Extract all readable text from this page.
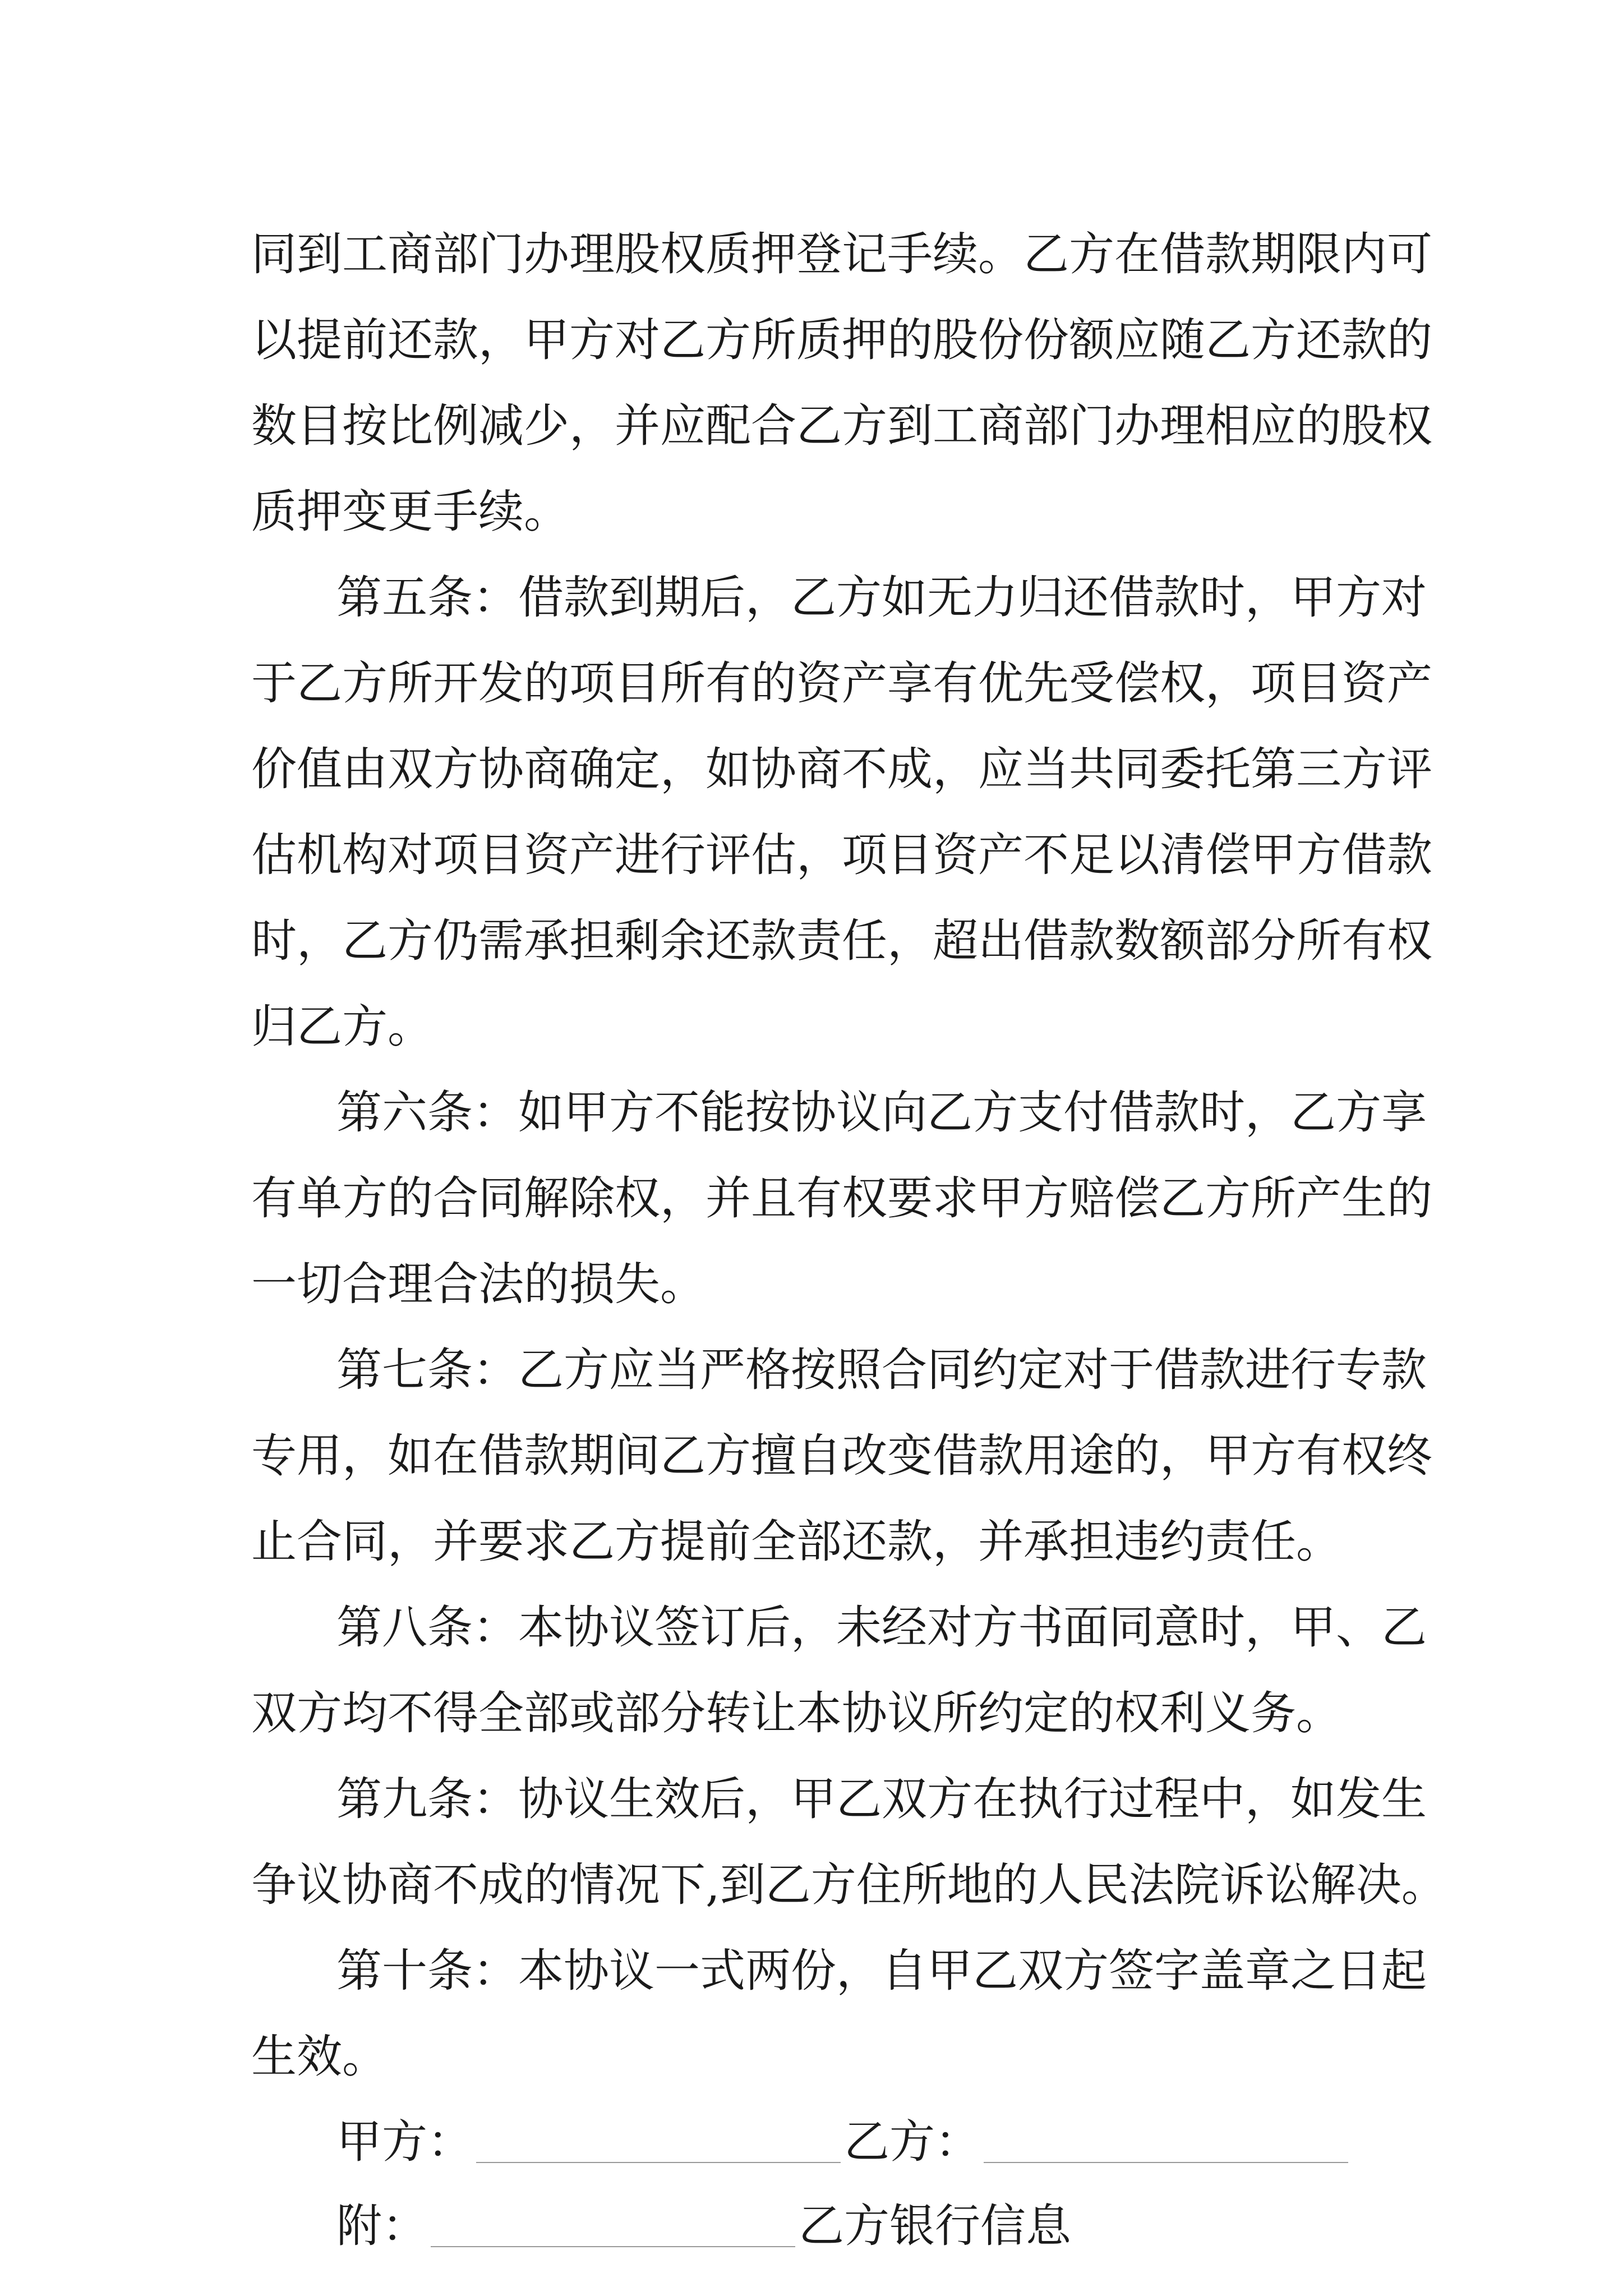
同到工商部门办理股权质押登记手续。乙方在借款期限内可
以提前还款，甲方对乙方所质押的股份份额应随乙方还款的
数目按比例减少，并应配合乙方到工商部门办理相应的股权
质押变更手续。
第五条：借款到期后，乙方如无力归还借款时，甲方对
于乙方所开发的项目所有的资产享有优先受偿权，项目资产
价值由双方协商确定，如协商不成，应当共同委托第三方评
估机构对项目资产进行评估，项目资产不足以清偿甲方借款
时，乙方仍需承担剩余还款责任，超出借款数额部分所有权
归乙方。
第六条：如甲方不能按协议向乙方支付借款时，乙方享
有单方的合同解除权，并且有权要求甲方赔偿乙方所产生的
一切合理合法的损失。
第七条：乙方应当严格按照合同约定对于借款进行专款
专用，如在借款期间乙方擅自改变借款用途的，甲方有权终
止合同，并要求乙方提前全部还款，并承担违约责任。
第八条：本协议签订后，未经对方书面同意时，甲、乙
双方均不得全部或部分转让本协议所约定的权利义务。
第九条：协议生效后，甲乙双方在执行过程中，如发生
争议协商不成的情况下,到乙方住所地的人民法院诉讼解决。
第十条：本协议一式两份，自甲乙双方签字盖章之日起
生效。
甲方：	乙方：
附：	乙方银行信息
